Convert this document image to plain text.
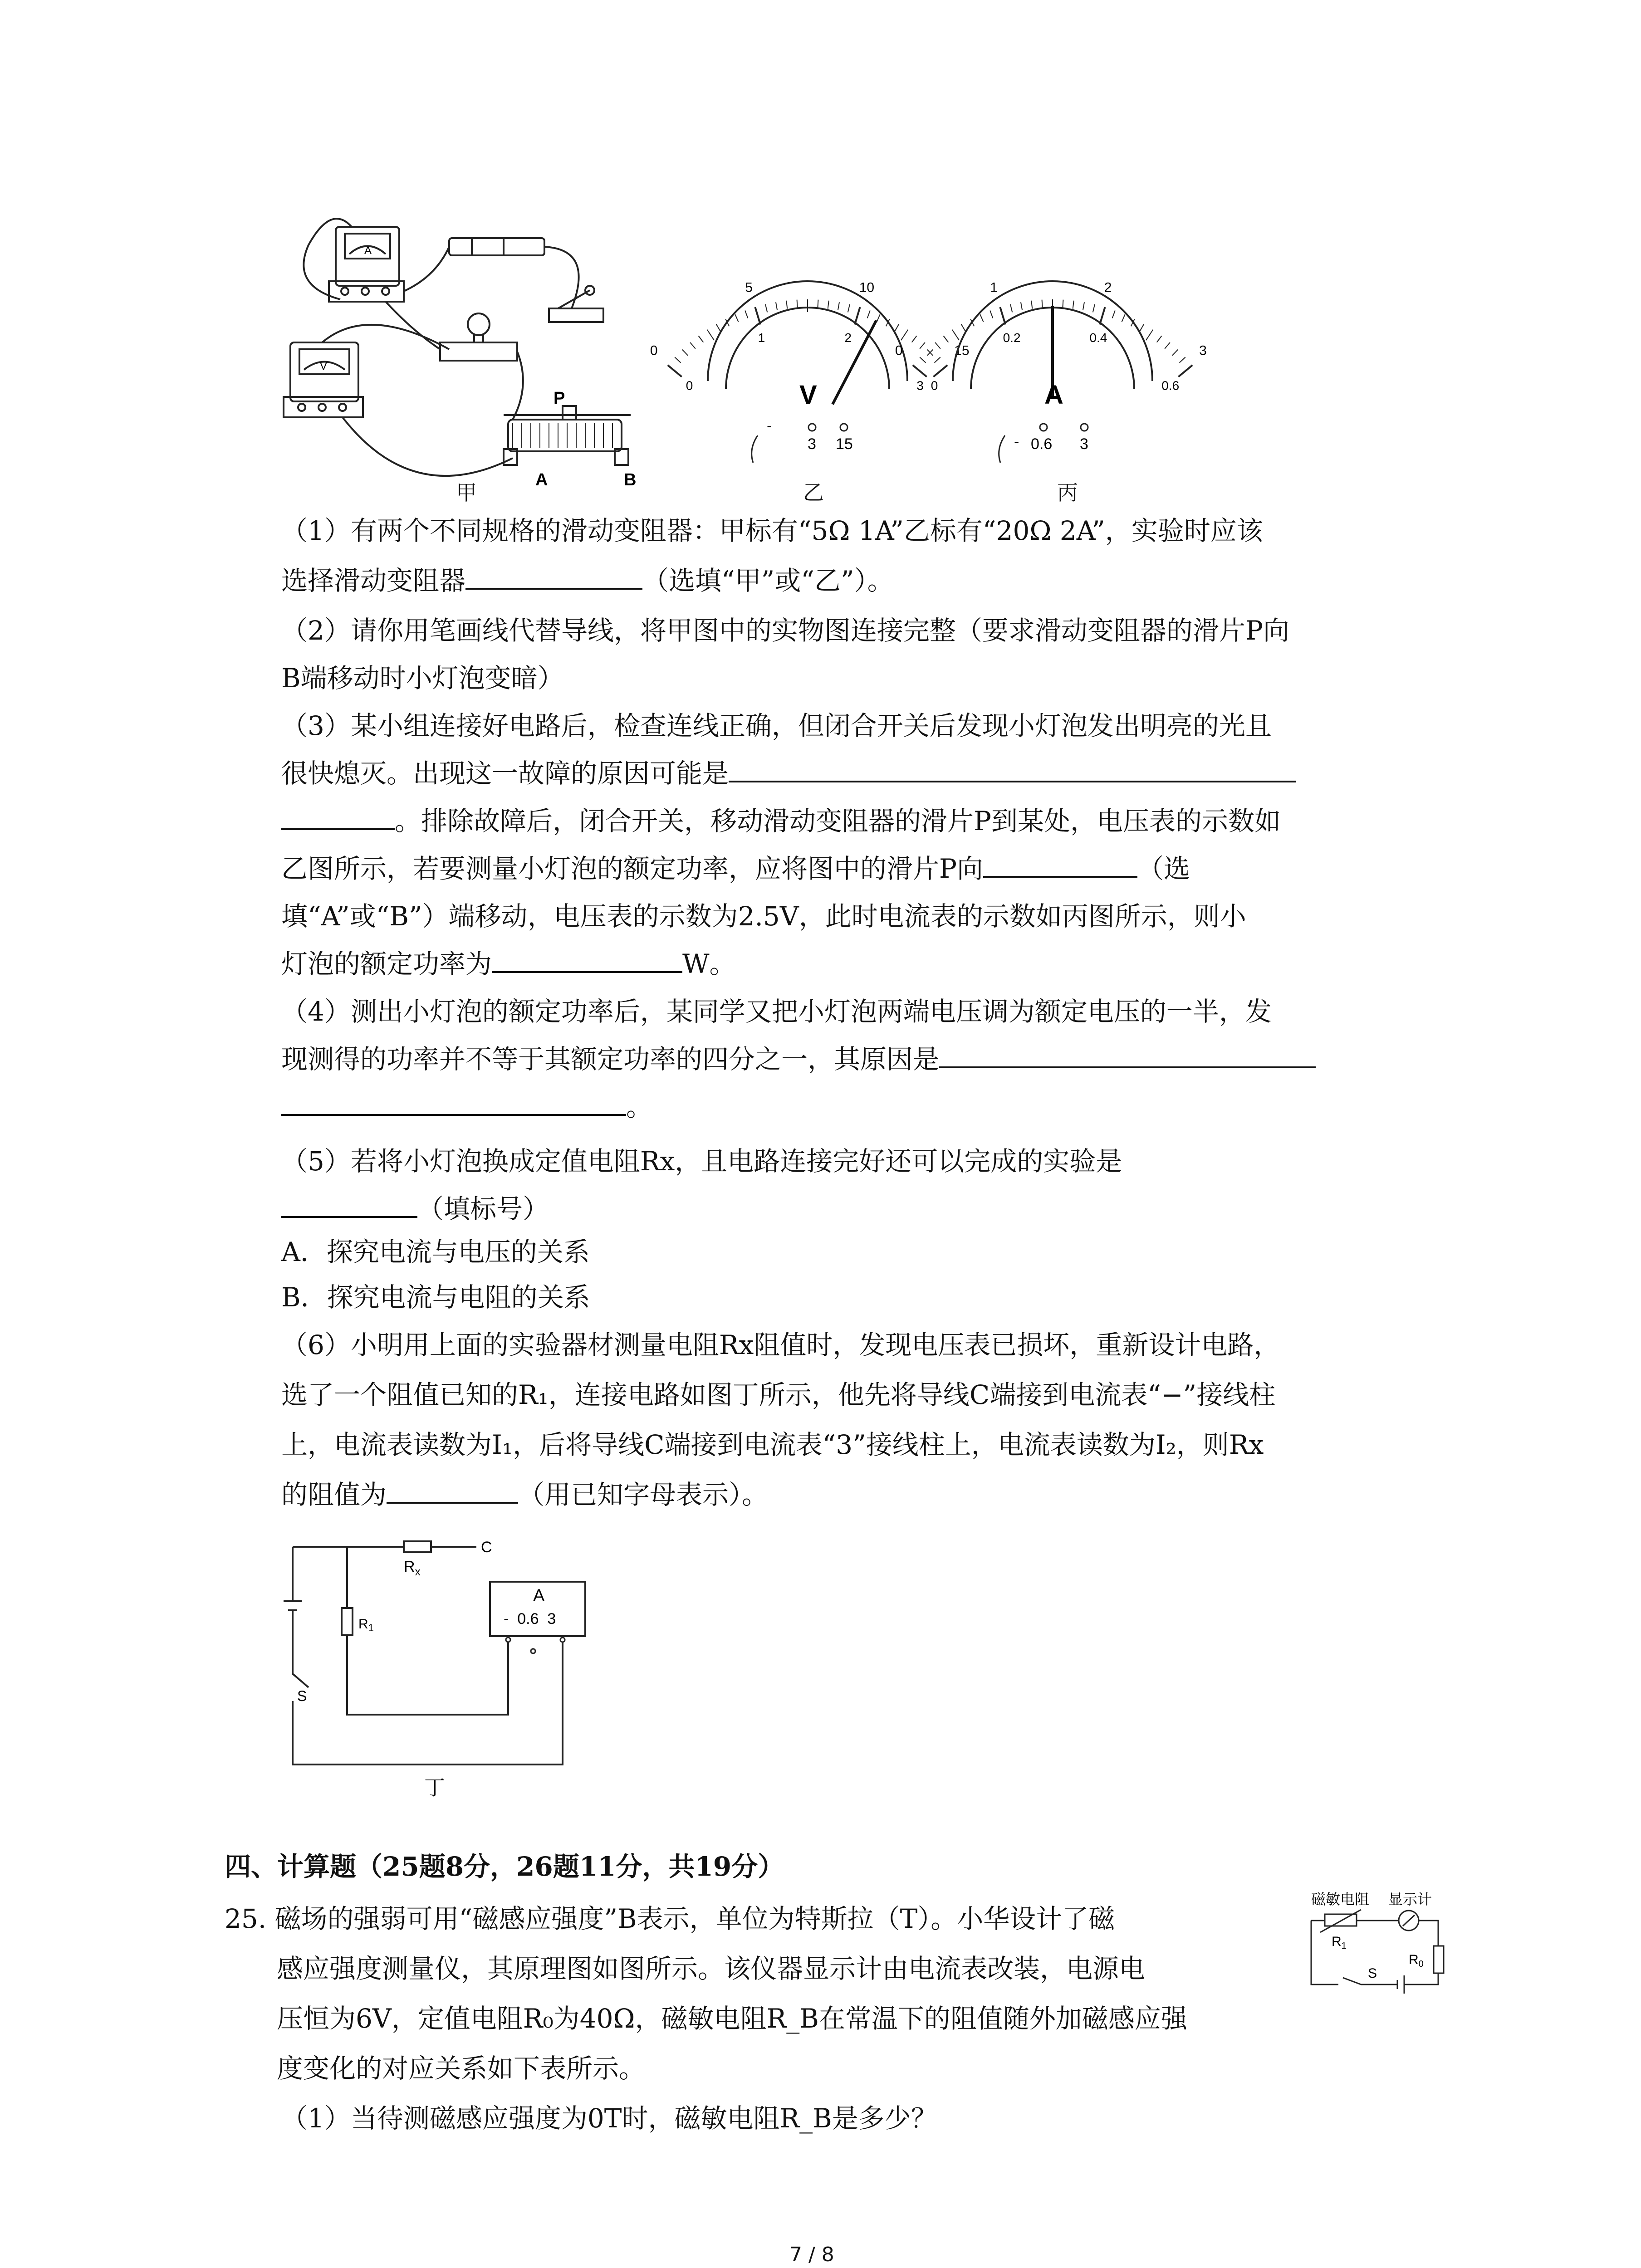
A
V
P
A	B
0
5	10
15
0
1	2
3
V
-
3 15
0
1	2
3
0
0.2	0.4
0.6
A
- 0.6 3
甲	乙	丙
（1）有两个不同规格的滑动变阻器：甲标有“5Ω 1A”乙标有“20Ω 2A”，实验时应该
选择滑动变阻器	（选填“甲”或“乙”）。
（2）请你用笔画线代替导线，将甲图中的实物图连接完整（要求滑动变阻器的滑片P向
B端移动时小灯泡变暗）
（3）某小组连接好电路后，检查连线正确，但闭合开关后发现小灯泡发出明亮的光且
很快熄灭。出现这一故障的原因可能是
。排除故障后，闭合开关，移动滑动变阻器的滑片P到某处，电压表的示数如
乙图所示，若要测量小灯泡的额定功率，应将图中的滑片P向	（选
填“A”或“B”）端移动，电压表的示数为2.5V，此时电流表的示数如丙图所示，则小
灯泡的额定功率为	W。
（4）测出小灯泡的额定功率后，某同学又把小灯泡两端电压调为额定电压的一半，发
现测得的功率并不等于其额定功率的四分之一，其原因是
。
（5）若将小灯泡换成定值电阻Rx，且电路连接完好还可以完成的实验是
（填标号）
A．探究电流与电压的关系
B．探究电流与电阻的关系
（6）小明用上面的实验器材测量电阻Rx阻值时，发现电压表已损坏，重新设计电路，
选了一个阻值已知的R₁，连接电路如图丁所示，他先将导线C端接到电流表“−”接线柱
上，电流表读数为I₁，后将导线C端接到电流表“3”接线柱上，电流表读数为I₂，则Rx
的阻值为	（用已知字母表示）。
$R_x$
C
$R_1$
A
-  0.6  3
S
丁
四、计算题（25题8分，26题11分，共19分）
25. 磁场的强弱可用“磁感应强度”B表示，单位为特斯拉（T）。小华设计了磁
感应强度测量仪，其原理图如图所示。该仪器显示计由电流表改装，电源电
压恒为6V，定值电阻R₀为40Ω，磁敏电阻R_B在常温下的阻值随外加磁感应强
度变化的对应关系如下表所示。
（1）当待测磁感应强度为0T时，磁敏电阻R_B是多少？
磁敏电阻 显示计
$R_1$
$R_0$
S
7 / 8
